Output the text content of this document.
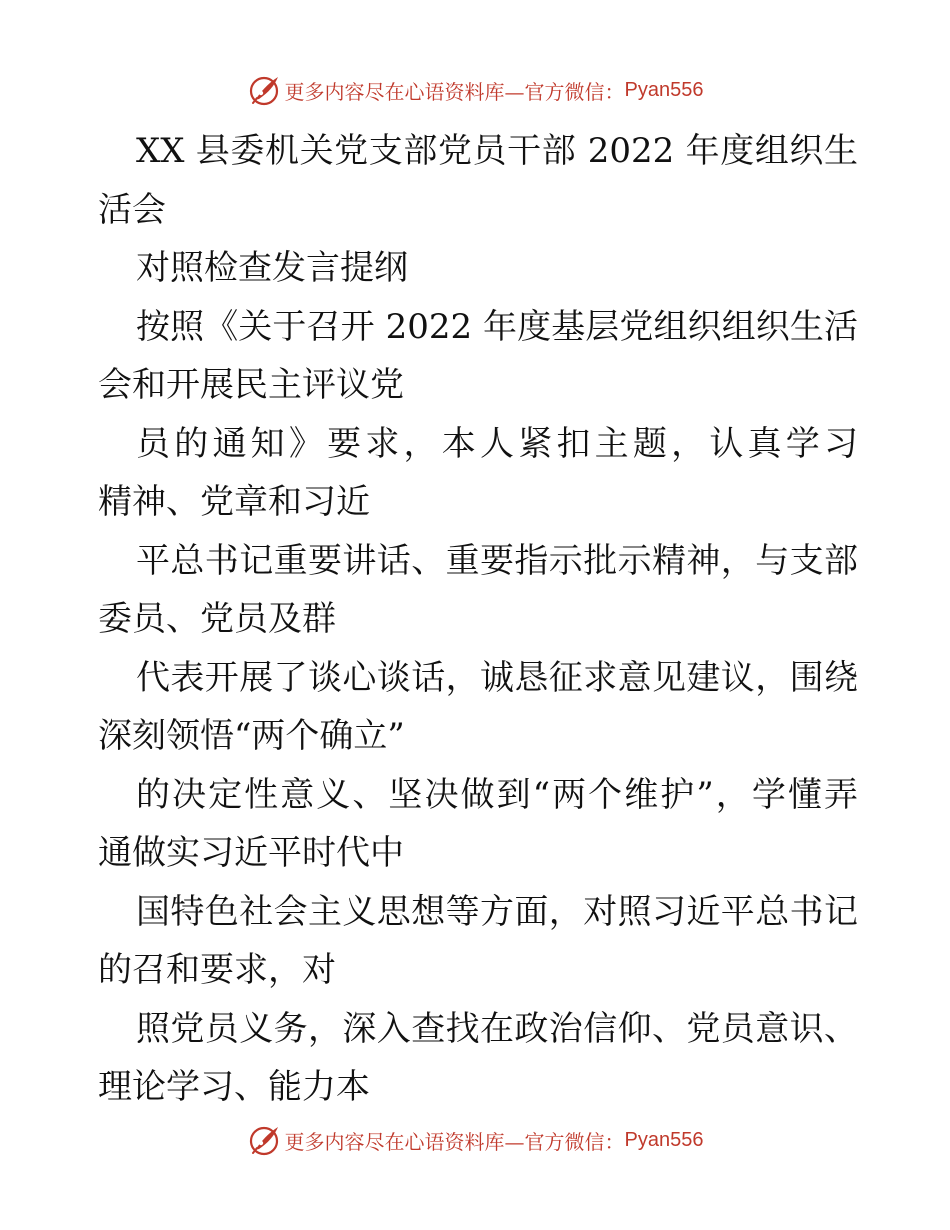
更多内容尽在心语资料库—官方微信： Pyan556
XX 县委机关党支部党员干部 2022 年度组织生
活会
对照检查发言提纲
按照《关于召开 2022 年度基层党组织组织生活
会和开展民主评议党
员的通知》要求，本人紧扣主题，认真学习
精神、党章和习近
平总书记重要讲话、重要指示批示精神，与支部
委员、党员及群
代表开展了谈心谈话，诚恳征求意见建议，围绕
深刻领悟“两个确立”
的决定性意义、坚决做到“两个维护”，学懂弄
通做实习近平时代中
国特色社会主义思想等方面，对照习近平总书记
的召和要求，对
照党员义务，深入查找在政治信仰、党员意识、
理论学习、能力本
更多内容尽在心语资料库—官方微信： Pyan556
